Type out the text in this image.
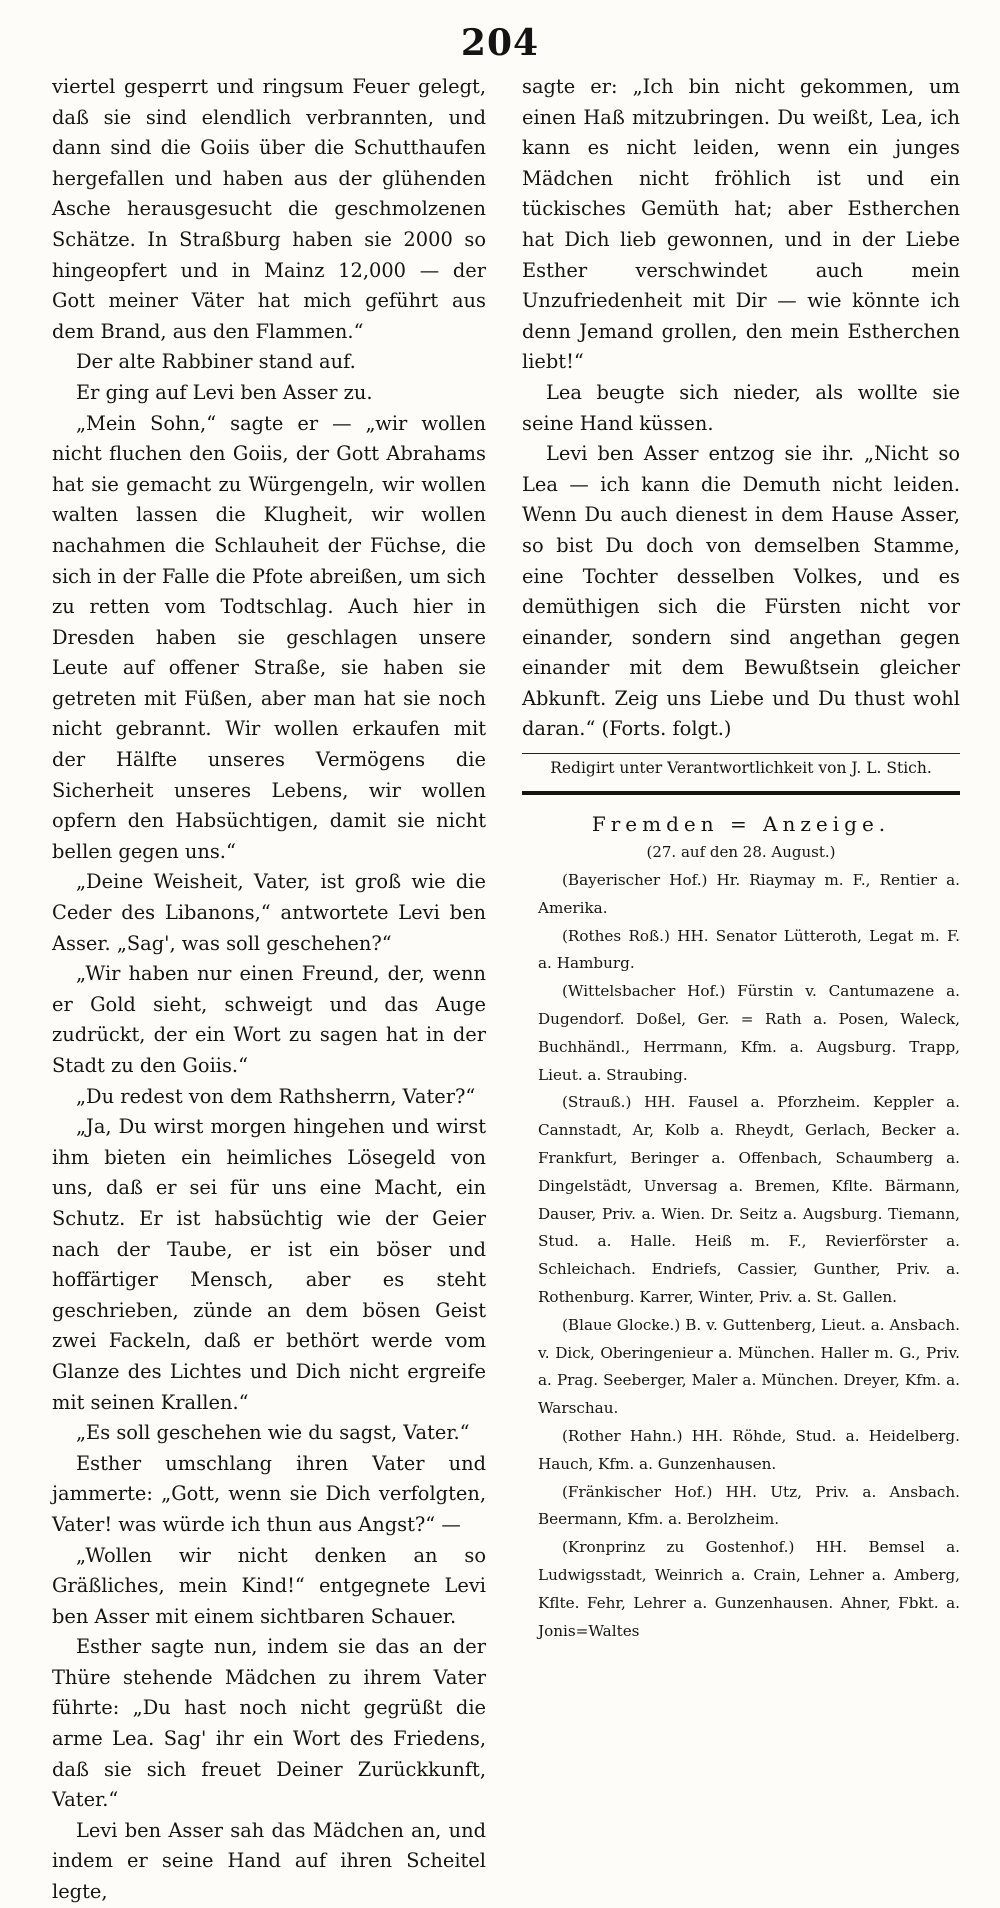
204

viertel gesperrt und ringsum Feuer gelegt, daß sie sind elendlich verbrannten, und dann sind die Goiis über die Schutthaufen hergefallen und haben aus der glühenden Asche herausgesucht die geschmolzenen Schätze. In Straßburg haben sie 2000 so hingeopfert und in Mainz 12,000 — der Gott meiner Väter hat mich geführt aus dem Brand, aus den Flammen.“

Der alte Rabbiner stand auf.

Er ging auf Levi ben Asser zu.

„Mein Sohn,“ sagte er — „wir wollen nicht fluchen den Goiis, der Gott Abrahams hat sie gemacht zu Würgengeln, wir wollen walten lassen die Klugheit, wir wollen nachahmen die Schlauheit der Füchse, die sich in der Falle die Pfote abreißen, um sich zu retten vom Todtschlag. Auch hier in Dresden haben sie geschlagen unsere Leute auf offener Straße, sie haben sie getreten mit Füßen, aber man hat sie noch nicht gebrannt. Wir wollen erkaufen mit der Hälfte unseres Vermögens die Sicherheit unseres Lebens, wir wollen opfern den Habsüchtigen, damit sie nicht bellen gegen uns.“

„Deine Weisheit, Vater, ist groß wie die Ceder des Libanons,“ antwortete Levi ben Asser. „Sag', was soll geschehen?“

„Wir haben nur einen Freund, der, wenn er Gold sieht, schweigt und das Auge zudrückt, der ein Wort zu sagen hat in der Stadt zu den Goiis.“

„Du redest von dem Rathsherrn, Vater?“

„Ja, Du wirst morgen hingehen und wirst ihm bieten ein heimliches Lösegeld von uns, daß er sei für uns eine Macht, ein Schutz. Er ist habsüchtig wie der Geier nach der Taube, er ist ein böser und hoffärtiger Mensch, aber es steht geschrieben, zünde an dem bösen Geist zwei Fackeln, daß er bethört werde vom Glanze des Lichtes und Dich nicht ergreife mit seinen Krallen.“

„Es soll geschehen wie du sagst, Vater.“

Esther umschlang ihren Vater und jammerte: „Gott, wenn sie Dich verfolgten, Vater! was würde ich thun aus Angst?“ —

„Wollen wir nicht denken an so Gräßliches, mein Kind!“ entgegnete Levi ben Asser mit einem sichtbaren Schauer.

Esther sagte nun, indem sie das an der Thüre stehende Mädchen zu ihrem Vater führte: „Du hast noch nicht gegrüßt die arme Lea. Sag' ihr ein Wort des Friedens, daß sie sich freuet Deiner Zurückkunft, Vater.“

Levi ben Asser sah das Mädchen an, und indem er seine Hand auf ihren Scheitel legte,

sagte er: „Ich bin nicht gekommen, um einen Haß mitzubringen. Du weißt, Lea, ich kann es nicht leiden, wenn ein junges Mädchen nicht fröhlich ist und ein tückisches Gemüth hat; aber Estherchen hat Dich lieb gewonnen, und in der Liebe Esther verschwindet auch mein Unzufriedenheit mit Dir — wie könnte ich denn Jemand grollen, den mein Estherchen liebt!“

Lea beugte sich nieder, als wollte sie seine Hand küssen.

Levi ben Asser entzog sie ihr. „Nicht so Lea — ich kann die Demuth nicht leiden. Wenn Du auch dienest in dem Hause Asser, so bist Du doch von demselben Stamme, eine Tochter desselben Volkes, und es demüthigen sich die Fürsten nicht vor einander, sondern sind angethan gegen einander mit dem Bewußtsein gleicher Abkunft. Zeig uns Liebe und Du thust wohl daran.“ (Forts. folgt.)

Redigirt unter Verantwortlichkeit von J. L. Stich.
Fremden = Anzeige.
(27. auf den 28. August.)

(Bayerischer Hof.) Hr. Riaymay m. F., Rentier a. Amerika.

(Rothes Roß.) HH. Senator Lütteroth, Legat m. F. a. Hamburg.

(Wittelsbacher Hof.) Fürstin v. Cantumazene a. Dugendorf. Doßel, Ger. = Rath a. Posen, Waleck, Buchhändl., Herrmann, Kfm. a. Augsburg. Trapp, Lieut. a. Straubing.

(Strauß.) HH. Fausel a. Pforzheim. Keppler a. Cannstadt, Ar, Kolb a. Rheydt, Gerlach, Becker a. Frankfurt, Beringer a. Offenbach, Schaumberg a. Dingelstädt, Unversag a. Bremen, Kflte. Bärmann, Dauser, Priv. a. Wien. Dr. Seitz a. Augsburg. Tiemann, Stud. a. Halle. Heiß m. F., Revierförster a. Schleichach. Endriefs, Cassier, Gunther, Priv. a. Rothenburg. Karrer, Winter, Priv. a. St. Gallen.

(Blaue Glocke.) B. v. Guttenberg, Lieut. a. Ansbach. v. Dick, Oberingenieur a. München. Haller m. G., Priv. a. Prag. Seeberger, Maler a. München. Dreyer, Kfm. a. Warschau.

(Rother Hahn.) HH. Röhde, Stud. a. Heidelberg. Hauch, Kfm. a. Gunzenhausen.

(Fränkischer Hof.) HH. Utz, Priv. a. Ansbach. Beermann, Kfm. a. Berolzheim.

(Kronprinz zu Gostenhof.) HH. Bemsel a. Ludwigsstadt, Weinrich a. Crain, Lehner a. Amberg, Kflte. Fehr, Lehrer a. Gunzenhausen. Ahner, Fbkt. a. Jonis=Waltes
